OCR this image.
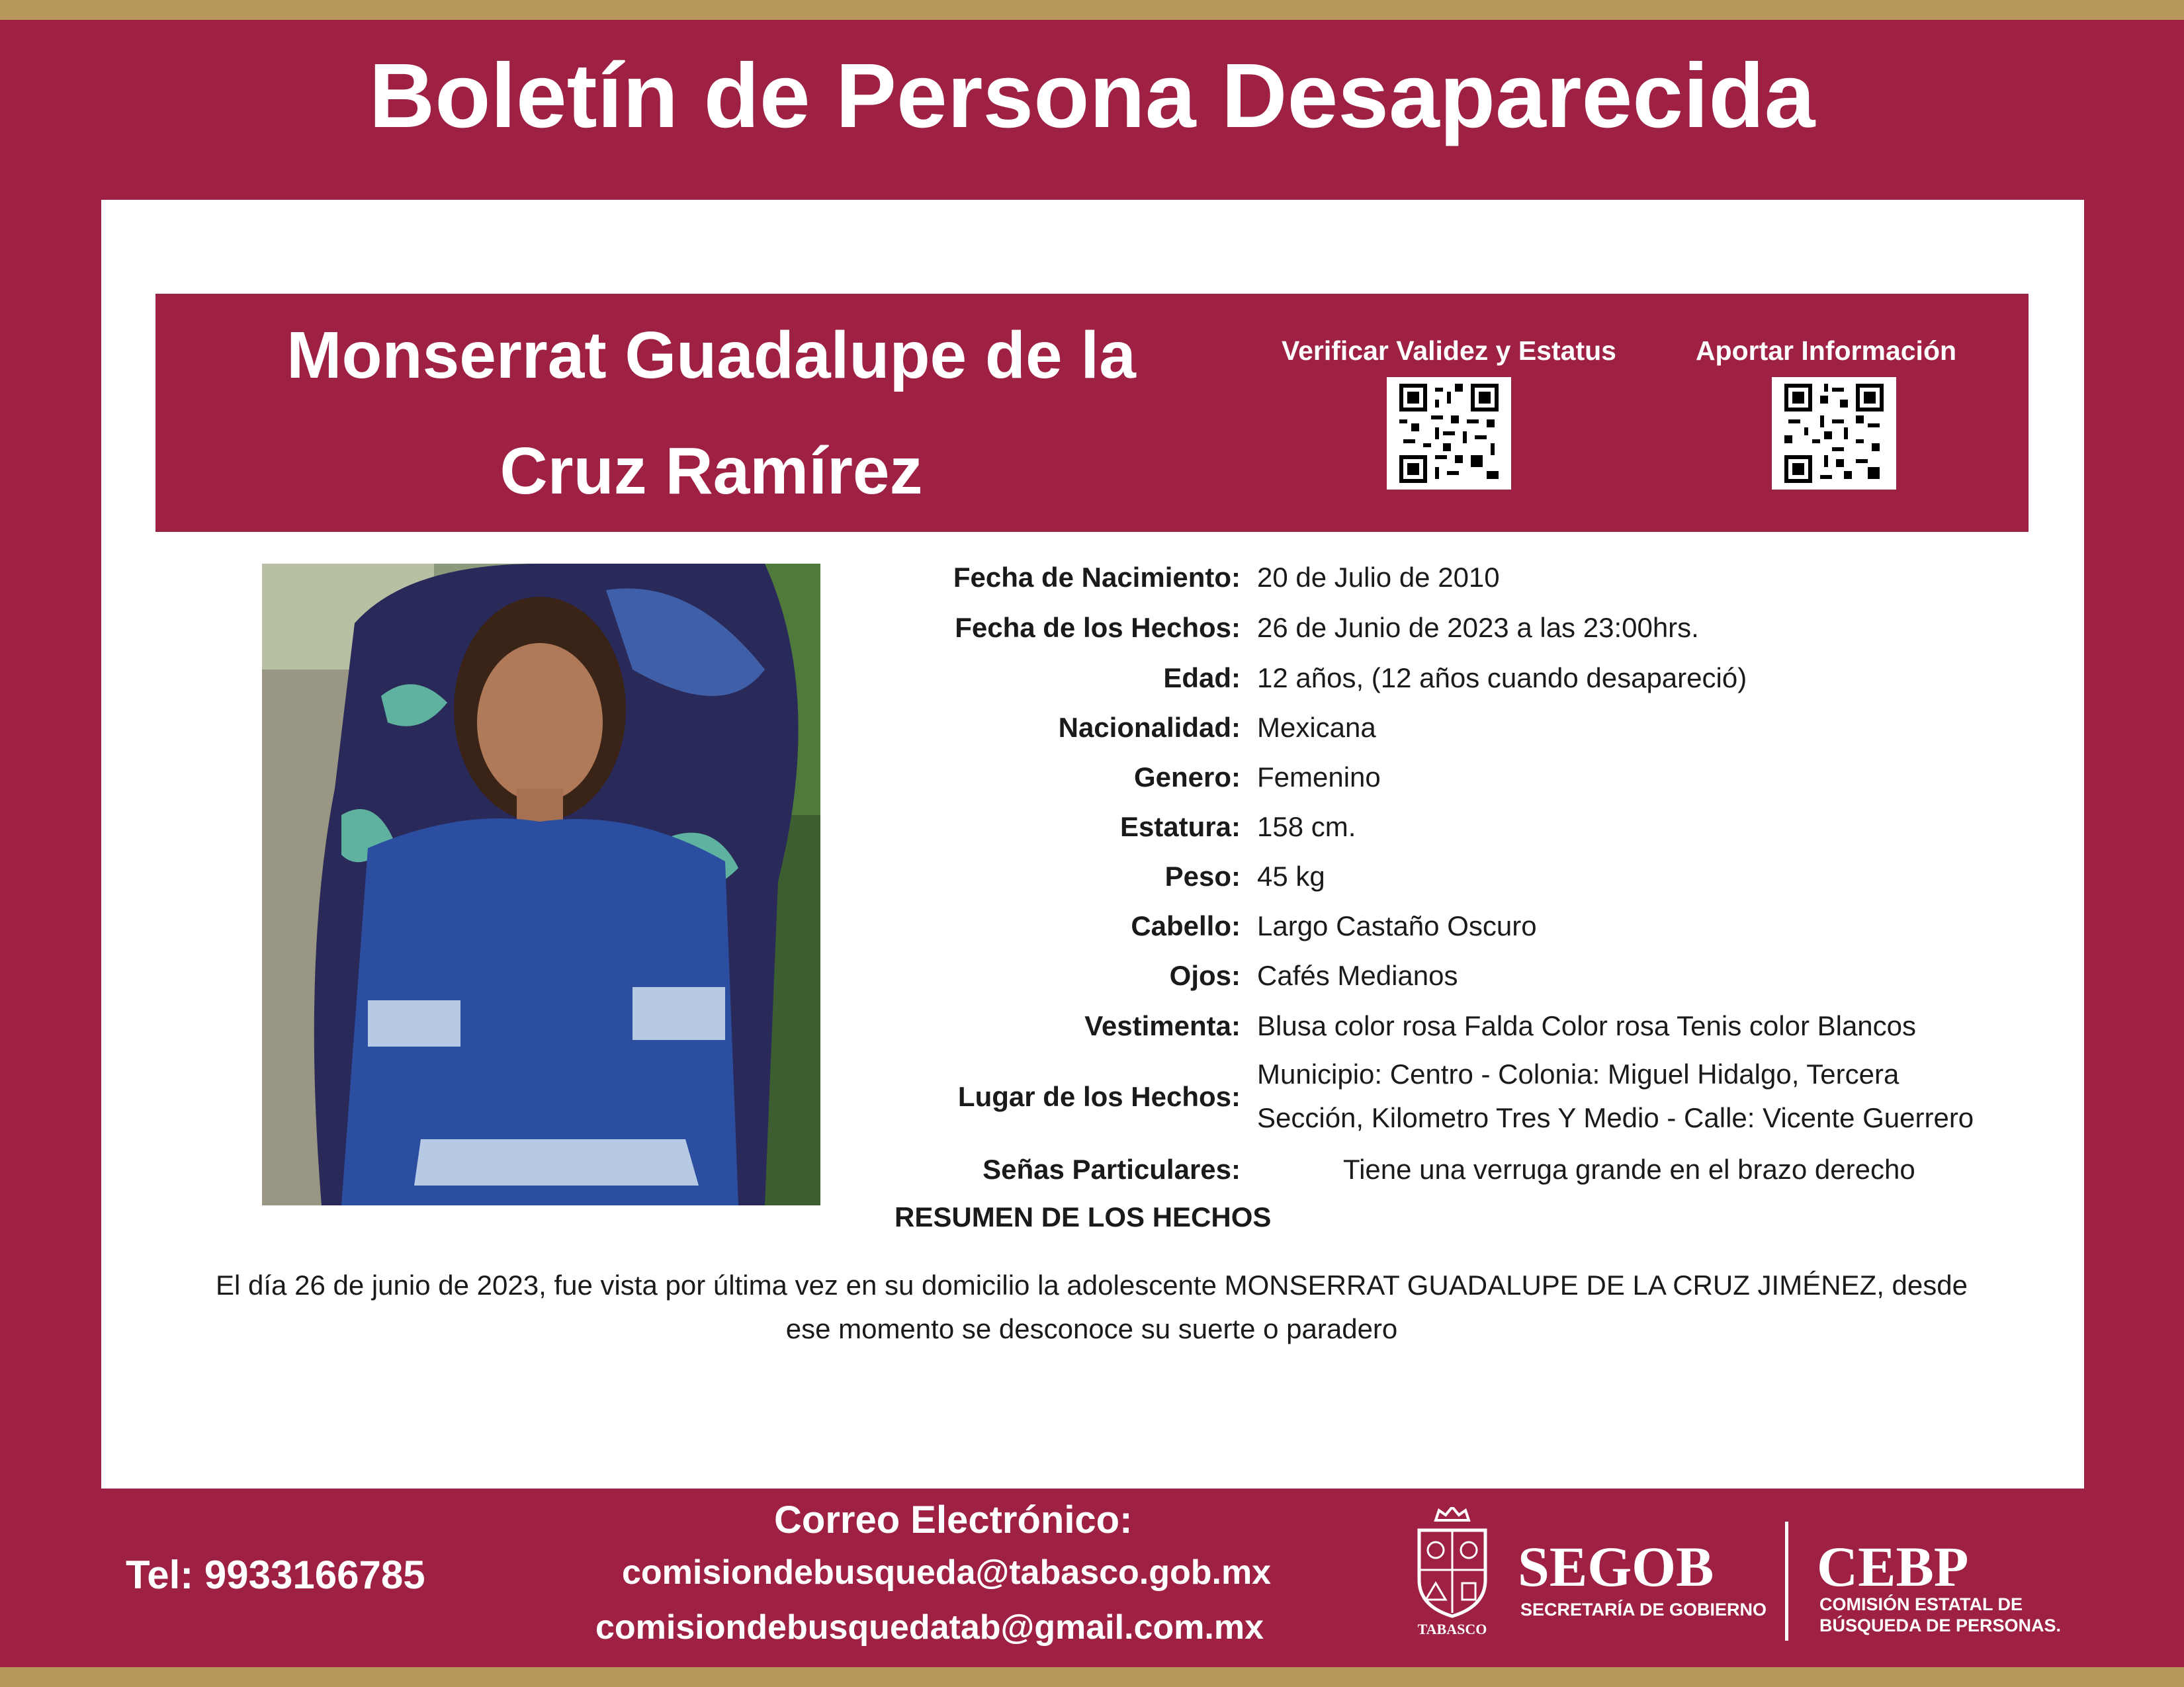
Boletín de Persona Desaparecida
Monserrat Guadalupe de la
Cruz Ramírez
Verificar Validez y Estatus	Aportar Información
Fecha de Nacimiento: 20 de Julio de 2010
Fecha de los Hechos: 26 de Junio de 2023 a las 23:00hrs.
Edad: 12 años, (12 años cuando desapareció)
Nacionalidad: Mexicana
Genero: Femenino
Estatura: 158 cm.
Peso: 45 kg
Cabello: Largo Castaño Oscuro
Ojos: Cafés Medianos
Vestimenta: Blusa color rosa Falda Color rosa Tenis color Blancos
Lugar de los Hechos:
Municipio: Centro - Colonia: Miguel Hidalgo, Tercera
Sección, Kilometro Tres Y Medio - Calle: Vicente Guerrero
Señas Particulares:	Tiene una verruga grande en el brazo derecho
RESUMEN DE LOS HECHOS
El día 26 de junio de 2023, fue vista por última vez en su domicilio la adolescente MONSERRAT GUADALUPE DE LA CRUZ JIMÉNEZ, desde
ese momento se desconoce su suerte o paradero
Tel: 9933166785
Correo Electrónico:
comisiondebusqueda@tabasco.gob.mx
comisiondebusquedatab@gmail.com.mx	TABASCO
SEGOB
SECRETARÍA DE GOBIERNO
CEBP
COMISIÓN ESTATAL DE
BÚSQUEDA DE PERSONAS.
